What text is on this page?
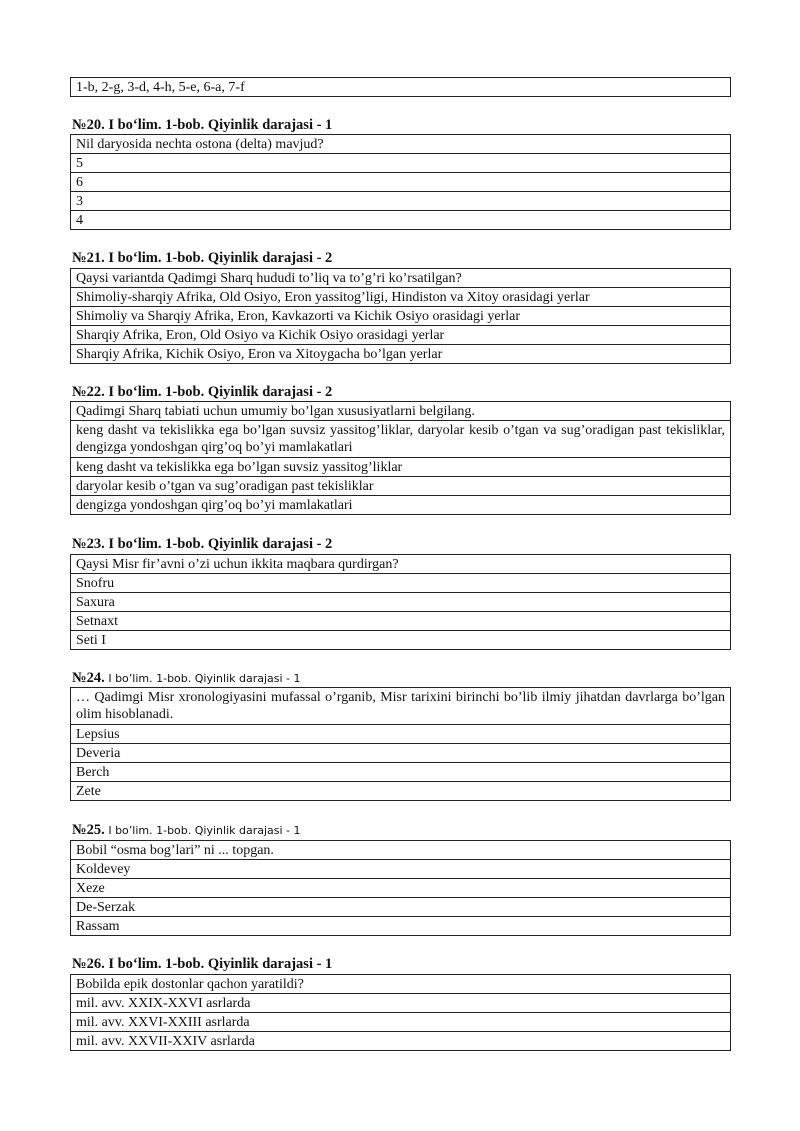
1-b, 2-g, 3-d, 4-h, 5-e, 6-a, 7-f
№20. I bo‘lim. 1-bob. Qiyinlik darajasi - 1
Nil daryosida nechta ostona (delta) mavjud?
5
6
3
4
№21. I bo‘lim. 1-bob. Qiyinlik darajasi - 2
Qaysi variantda Qadimgi Sharq hududi to’liq va to’g’ri ko’rsatilgan?
Shimoliy-sharqiy Afrika, Old Osiyo, Eron yassitog’ligi, Hindiston va Xitoy orasidagi yerlar
Shimoliy va Sharqiy Afrika, Eron, Kavkazorti va Kichik Osiyo orasidagi yerlar
Sharqiy Afrika, Eron, Old Osiyo va Kichik Osiyo orasidagi yerlar
Sharqiy Afrika, Kichik Osiyo, Eron va Xitoygacha bo’lgan yerlar
№22. I bo‘lim. 1-bob. Qiyinlik darajasi - 2
Qadimgi Sharq tabiati uchun umumiy bo’lgan xususiyatlarni belgilang.
keng dasht va tekislikka ega bo’lgan suvsiz yassitog’liklar, daryolar kesib o’tgan va sug’oradigan past tekisliklar, dengizga yondoshgan qirg’oq bo’yi mamlakatlari
keng dasht va tekislikka ega bo’lgan suvsiz yassitog’liklar
daryolar kesib o’tgan va sug’oradigan past tekisliklar
dengizga yondoshgan qirg’oq bo’yi mamlakatlari
№23. I bo‘lim. 1-bob. Qiyinlik darajasi - 2
Qaysi Misr fir’avni o’zi uchun ikkita maqbara qurdirgan?
Snofru
Saxura
Setnaxt
Seti I
№24. I bo’lim. 1-bob. Qiyinlik darajasi - 1
… Qadimgi Misr xronologiyasini mufassal o’rganib, Misr tarixini birinchi bo’lib ilmiy jihatdan davrlarga bo’lgan olim hisoblanadi.
Lepsius
Deveria
Berch
Zete
№25. I bo’lim. 1-bob. Qiyinlik darajasi - 1
Bobil “osma bog’lari” ni ... topgan.
Koldevey
Xeze
De-Serzak
Rassam
№26. I bo‘lim. 1-bob. Qiyinlik darajasi - 1
Bobilda epik dostonlar qachon yaratildi?
mil. avv. XXIX-XXVI asrlarda
mil. avv. XXVI-XXIII asrlarda
mil. avv. XXVII-XXIV asrlarda
